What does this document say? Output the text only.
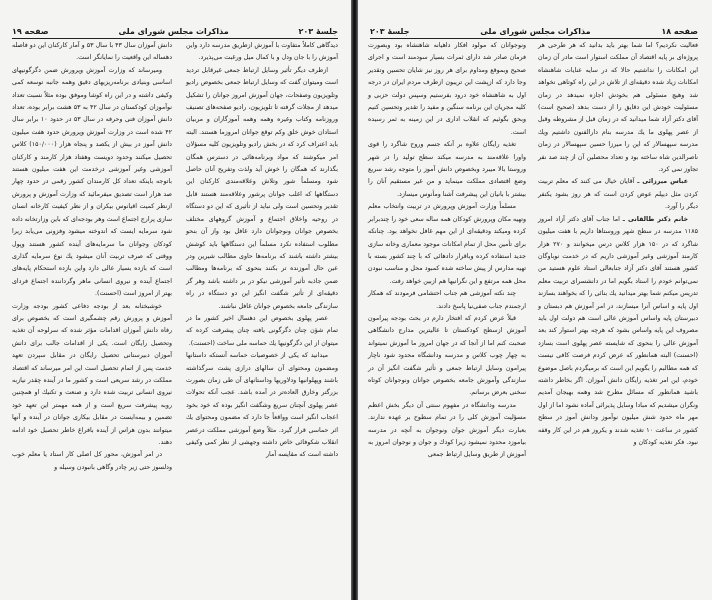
جلسهٔ ۲۰۳
مذاکرات مجلس شورای ملی
صفحه ۱۹

دیدگاهی کاملاً متفاوت با آموزش ازطریق مدرسه دارد واین آموزش را با جان ودل و با کمال میل ورغبت می‌پذیرد.

ازطرف دیگر تأثیر وسایل ارتباط جمعی غیرقابل تردید است ومیتوان گفت که وسایل ارتباط جمعی بخصوص رادیو وتلویزیون وصفحات، جهان آموزش امروز جوانان را تشکیل میدهد از مجلات گرفته تا تلویزیون، رادیو صفحه‌های تصنیف وروزنامه وکتاب وغیره وهمه وهمه آموزگاران و مربیان استادان خوش خلق وکم توقع جوانان امروزما هستند. البته باید اعتراف کرد که در بخش رادیو وتلویزیون کلیه مسؤلان امر میکوشند که مواد وبرنامه‌هائی در دسترس همگان بگذارند که همگان را خوش آید ولذت وتفریح آنان حاصل شود ومسلماً شور وتلاش وعلاقه‌مندی کارکنان این دستگاهها که اغلب جوانان پرشور وعلاقه‌مند هستند قابل تقدیر وتحسین است ولی نباید از تأثیری که این دو دستگاه در روحیه واخلاق اجتماع و آموزش گروههای مختلف بخصوص جوانان ونوجوانان دارد غافل بود واز آن بنحو مطلوب استفاده نکرد مسلماً این دستگاهها باید کوشش بیشتر داشته باشند که برنامه‌ها حاوی مطالب شیرین ودر عین حال آموزنده تر بکنند بنحوی که برنامه‌ها ومطالب ضمن جاذبه تأثیر آموزشی نیکو در بر داشته باشد وهر گز دقیقه‌ای از تأثیر شگفت انگیز این دو دستگاه در راه سازندگی جامعه بخصوص جوانان غافل نباشند.

عصر پهلوی بخصوص این دهسال اخیر کشور ما در تمام شؤن چنان دگرگونی یافته چنان پیشرفت کرده که میتوان از این دگرگونیها یك حماسه ملی ساخت (احسنت).

میدانید که یکی از خصوصیات حماسه آنستکه داستانها ومضمون ومحتوای آن سالهای درازی پشت سرگذاشته باشند وپهلوانیها ودلاوریها وداستانهای آن طی زمان بصورت بزرگتر وخارق العاده‌تر در آمده باشد. عجب آنکه تحولات عصر پهلوی آنچنان سریع وشگفت انگیز بوده که خود بخود اعجاب انگیز است وواقعاً جا دارد که مضمون ومحتوای یك اثر حماسی قرار گیرد. مثلاً وضع آموزشی مملکت درعصر انقلاب شکوفائی خاص داشته وجهشی از نظر کمی وکیفی داشته است که مقایسه آمار

دانش آموزان سال ۴۳ با سال ۵۳ و آمار کارکنان این دو فاصله دهساله این واقعیت را نمایانگر است.

ومیرساند که وزارت آموزش وپرورش ضمن دگرگونیهای اساسی وبنیادی برنامه‌ریزیهای دقیق وهمه جانبه توسعه کمی وکیفی داشته و در این راه کوشا وموفق بوده مثلاً نسبت تعداد نوآموزان کودکستان در سال ۴۲ به ۵۳ هشت برابر بوده، تعداد دانش آموزان فنی وحرفه در سال ۵۳ در حدود ۱۰ برابر سال ۴۲ شده است در وزارت آموزش وپرورش حدود هفت میلیون دانش آموز در بیش از یکصد و پنجاه هزار (۱۵۰/۰۰۰) کلاس تحصیل میکنند وحدود دویست وهفتاد هزار کارمند و کارکنان آموزشی وغیر آموزشی درخدمت این هفت میلیون هستند باتوجه باینکه تعداد کل کارمندان کشور رقمی در حدود چهار صد هزار است تصدیق میفرمائید که وزارت آموزش و پرورش ازنظر کمیت اقیانوس بیکران و از نظر کیفیت کارخانه انسان سازی پرارج اجتماع است وهر بودجه‌ای که باین وزارتخانه داده شود سرمایه ایست که اندوخته میشود وفزونی می‌یابد زیرا کودکان وجوانان ما سرمایه‌های آینده کشور هستند وپول ووقتی که صرف تربیت آنان میشود یك نوع سرمایه گذاری است که بازده بسیار عالی دارد واین بازده استحکام پایه‌های اجتماع آینده و نیروی انسانی ماهر وگرداننده اجتماع فردای بهتر از امروز است (احسنت).

خوشبختانه بعد از بودجه دفاعی کشور بودجه وزارت آموزش و پرورش رقم چشمگیری است که بخصوص برای رفاه دانش آموزان اقدامات مؤثر شده که سرلوحه آن تغذیه وتحصیل رایگان است. یکی از اقدامات جالب برای دانش آموزان دبیرستانی تحصیل رایگان در مقابل سپردن تعهد خدمت پس از اتمام تحصیل است این امر میرساند که اقتصاد مملکت در رشد سریعی است و کشور ما در آینده چقدر نیازبه نیروی انسانی تربیت شده دارد و صنعت و تکنیك او همچنین روبه پیشرفت سریع است و از همه مهمتر این تعهد خود تضمین و بیمه‌ایست در مقابل بیکاری جوانان در آینده و آنها میتوانند بدون هراس از آینده بافراغ خاطر تحصیل خود ادامه دهند.

در امر آموزش، محور کل اصلی کار استاد یا معلم خوب ودلسوز حتی زیر چادر وگاهی بانبودن وسیله و

صفحه ۱۸
مذاکرات مجلس شورای ملی
جلسهٔ ۲۰۳

فعالیت نکردیم؟ اما شما بهتر باید بدانید که هر طرحی هر پروژه‌ای بر پایه اقتصاد آن مملکت استوار است مادر آن زمان این امکانات را نداشتیم حالا که در سایه عنایات شاهنشاه امکانات زیاد شده دقیقه‌ای از تلاش در این راه کوتاهی نخواهد شد وهیچ مسئولی هم بخودش اجازه نمیدهد در زمان مسئولیت خودش این دقایق را از دست بدهد (صحیح است) آقای دکتر آزاد شما میدانید که در زمان قبل از مشروطه وقبل از عصر پهلوی ما یك مدرسه بنام دارالفنون داشتیم ویك مدرسه سپهسالار که این را میرزا حسین سپهسالار در زمان ناصرالدین شاه ساخته بود و تعداد محصلین آن از چند صد نفر تجاوز نمی کرد.

عباس میرزائی ـ آقایان خیال می کنند که معلم تربیت کردن مثل دیپلم عوض کردن است که هر روز بشود یکنفر دیگر را آورد.

خانم دکتر طالقانی ـ اما جناب آقای دکتر آزاد امروز ۱۱۸۵ مدرسه در سطح شهر وروستاها داریم با هفت میلیون شاگرد که در ۱۵۰ هزار کلاس درس میخوانند و ۲۷۰ هزار کارمند آموزشی وغیر آموزشی داریم که در خدمت نوباوگان کشور هستند آقای دکتر آزاد جنابعالی استاد علوم هستید من نمی‌توانم خودم را استاد بگویم اما در دانشسرای تربیت معلم تدریس میکنم شما بهتر میدانید یك بنائی را که بخواهند بسازند اول پایه و اساس آنرا میسازند، در امر آموزش هم دبستان و دبیرستان پایه واساس آموزش عالی است هم دولت اول باید مصروف این پایه واساس بشود که هرچه بهتر استوار کند بعد آموزش عالی را بنحوی که شایسته عصر پهلوی است بسازد (احسنت) البته همانطور که عرض کردم فرصت کافی نیست که همه مطالبم را بگویم این است که برمیگردم باصل موضوع خودم، این امر تغذیه رایگان دانش آموزان. اگر بخاطر داشته باشید همانطور که مسائل مطرح شد وهمه بهیجان آمدیم ونگران میشدیم که مبادا وسایل پذیرائی آماده نشود اما از اول مهر ماه حدود شش میلیون نوآموز ودانش آموز در سطح کشور در ساعت ۱۰ تغذیه شدند و یکروز هم در این کار وقفه نبود. فکر تغذیه کودکان و

ونوجوانان که مولود افکار داهیانه شاهنشاه بود وبصورت فرمان صادر شد دارای ثمرات بسیار سودمند است و اجرای صحیح وبموقع ومداوم برای هر روز نیز شایان تحسین وتقدیر وجا دارد که ازپشت این تریبون ازطرف مردم ایران در درجه اول به شاهنشاه خود درود بفرستیم وسپس دولت حزبی و کلیه مجریان این برنامه سنگین و مفید را تقدیر وتحسین کنیم وبحق بگوئیم که انقلاب اداری در این زمینه به ثمر رسیده است.

تغذیه رایگان علاوه بر آنکه جسم وروح شاگرد را قوی واورا علاقه‌مند به مدرسه میکند سطح تولید را در شهر وروستا بالا میبرد وبخصوص دانش آموز را متوجه رشد سریع وضع اقتصادی مملکت مینماید و من غیر مستقیم آنان را بیشتر با بانیان این پیشرفت آشنا ومأنوس میسازد.

مسلماً وزارت آموزش وپرورش در تربیت وانتخاب معلم وتهیه مکان وپرورش کودکان همه ساله سعی خود را چندبرابر کرده ومیکند ودقیقه‌ای از این مهم غافل نخواهد بود. چنانکه برای تأمین محل از تمام امکانات موجود معماری وخانه سازی جدید استفاده کرده وباقرار دادهائی که با چند کشور بسته با تهیه مدارس از پیش ساخته شده کمبود محل و مناسب نبودن محل همه مرتفع و این نگرانیها هم ازبین خواهد رفت.

چند نکته آموزشی هم جناب احتشامی فرمودند که همکار ارجمندم جناب صفی‌نیا پاسخ دادند.

قبلاً عرض کردم که افتخار دارم در بحث بودجه پیرامون آموزش ازسطح کودکستان تا عالیترین مدارج دانشگاهی صحبت کنم اما از آنجا که در جهان امروز ما آموزش نمیتواند به چهار چوب کلاس و مدرسه ودانشگاه محدود شود ناچار پیرامون وسایل ارتباط جمعی و تأثیر شگفت انگیز آن در سازندگی وآموزش جامعه بخصوص جوانان ونوجوانان کوتاه سخنی بعرض برسانم.

مدرسه ودانشگاه در مفهوم سنتی آن دیگر بخش اعظم مسؤلیت آموزش کلی را در تمام سطوح بر عهده ندارند. بعبارت دیگر آموزش جوان ونوجوان به آنچه در مدرسه بیاموزد محدود نمیشود زیرا کودك و جوان و نوجوان امروز به آموزش از طریق وسایل ارتباط جمعی
